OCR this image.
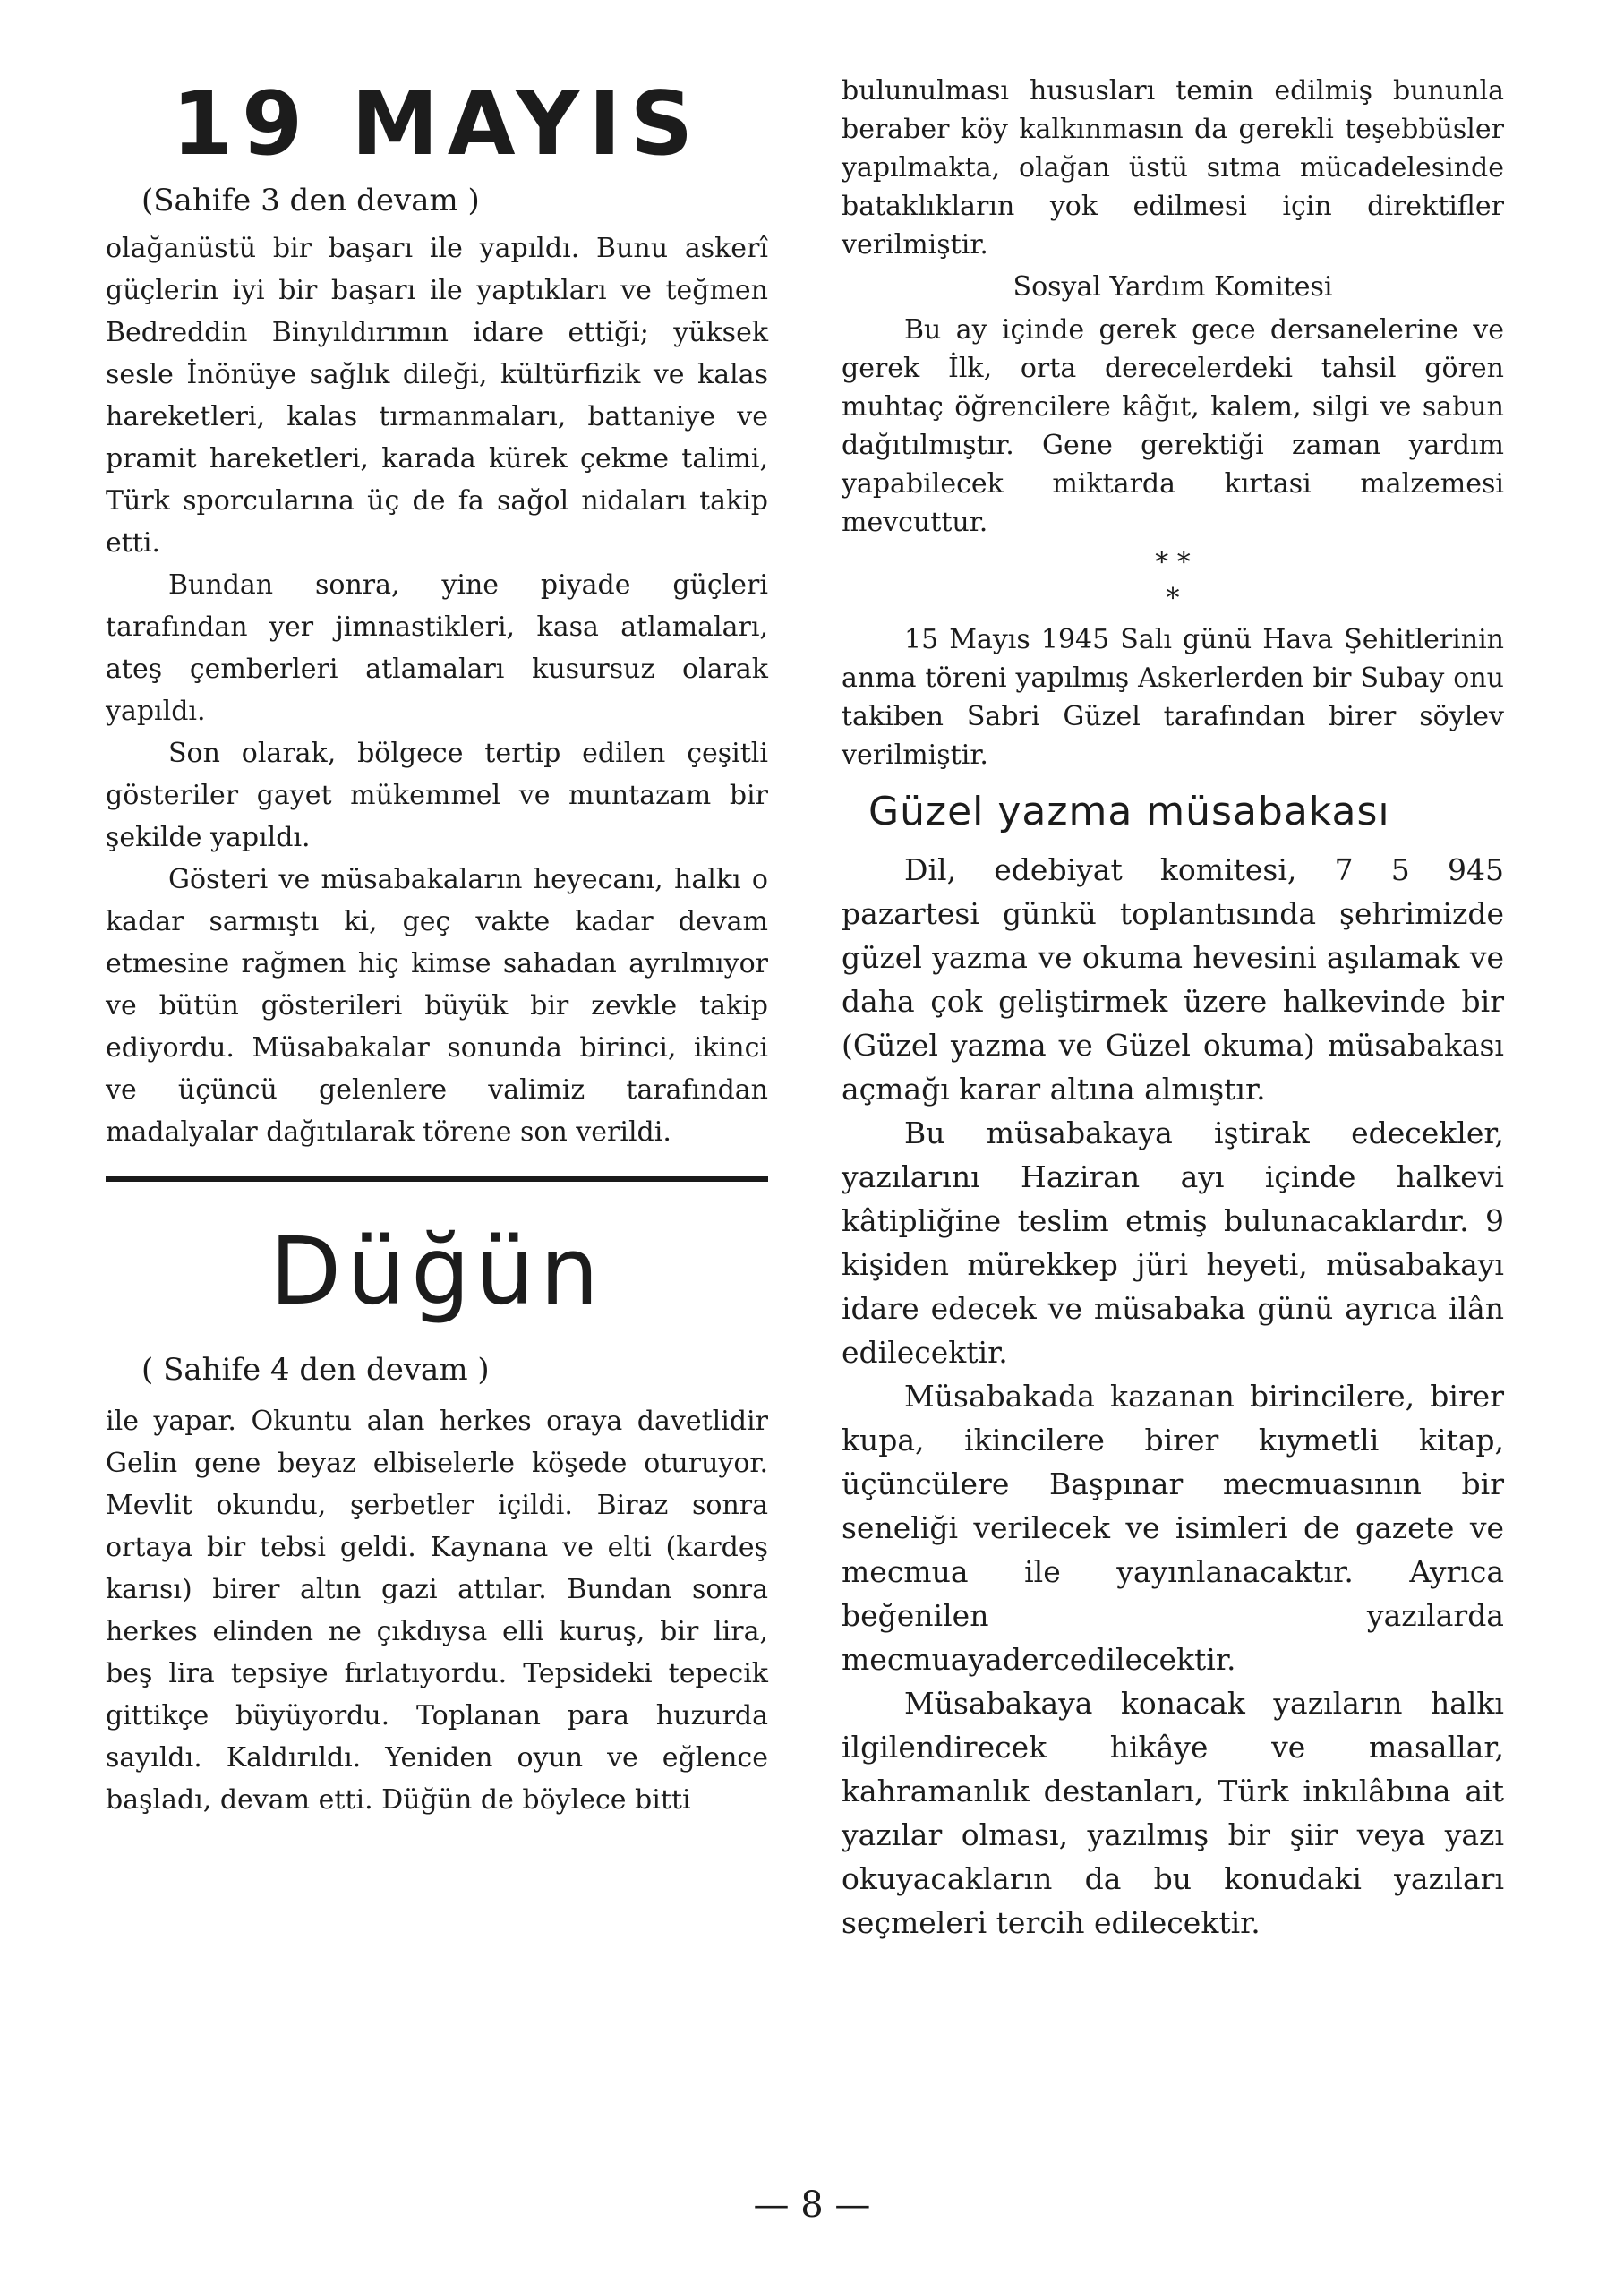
19 MAYIS
(Sahife 3 den devam )

olağanüstü bir başarı ile yapıldı. Bunu askerî güçlerin iyi bir başarı ile yaptıkları ve teğmen Bedreddin Binyıldırımın idare ettiği; yüksek sesle İnönüye sağlık dileği, kültürfizik ve kalas hareketleri, kalas tırmanmaları, battaniye ve pramit hareketleri, karada kürek çekme talimi, Türk sporcularına üç de fa sağol nidaları takip etti.

Bundan sonra, yine piyade güçleri tarafından yer jimnastikleri, kasa atlamaları, ateş çemberleri atlamaları kusursuz olarak yapıldı.

Son olarak, bölgece tertip edilen çeşitli gösteriler gayet mükemmel ve muntazam bir şekilde yapıldı.

Gösteri ve müsabakaların heyecanı, halkı o kadar sarmıştı ki, geç vakte kadar devam etmesine rağmen hiç kimse sahadan ayrılmıyor ve bütün gösterileri büyük bir zevkle takip ediyordu. Müsabakalar sonunda birinci, ikinci ve üçüncü gelenlere valimiz tarafından madalyalar dağıtılarak törene son verildi.

Düğün
( Sahife 4 den devam )

ile yapar. Okuntu alan herkes oraya davetlidir Gelin gene beyaz elbiselerle köşede oturuyor. Mevlit okundu, şerbetler içildi. Biraz sonra ortaya bir tebsi geldi. Kaynana ve elti (kardeş karısı) birer altın gazi attılar. Bundan sonra herkes elinden ne çıkdıysa elli kuruş, bir lira, beş lira tepsiye fırlatıyordu. Tepsideki tepecik gittikçe büyüyordu. Toplanan para huzurda sayıldı. Kaldırıldı. Yeniden oyun ve eğlence başladı, devam etti. Düğün de böylece bitti

bulunulması hususları temin edilmiş bununla beraber köy kalkınmasın da gerekli teşebbüsler yapılmakta, olağan üstü sıtma mücadelesinde bataklıkların yok edilmesi için direktifler verilmiştir.

Sosyal Yardım Komitesi

Bu ay içinde gerek gece dersanelerine ve gerek İlk, orta derecelerdeki tahsil gören muhtaç öğrencilere kâğıt, kalem, silgi ve sabun dağıtılmıştır. Gene gerektiği zaman yardım yapabilecek miktarda kırtasi malzemesi mevcuttur.

* *
*

15 Mayıs 1945 Salı günü Hava Şehitlerinin anma töreni yapılmış Askerlerden bir Subay onu takiben Sabri Güzel tarafından birer söylev verilmiştir.

Güzel yazma müsabakası

Dil, edebiyat komitesi, 7 5 945 pazartesi günkü toplantısında şehrimizde güzel yazma ve okuma hevesini aşılamak ve daha çok geliştirmek üzere halkevinde bir (Güzel yazma ve Güzel okuma) müsabakası açmağı karar altına almıştır.

Bu müsabakaya iştirak edecekler, yazılarını Haziran ayı içinde halkevi kâtipliğine teslim etmiş bulunacaklardır. 9 kişiden mürekkep jüri heyeti, müsabakayı idare edecek ve müsabaka günü ayrıca ilân edilecektir.

Müsabakada kazanan birincilere, birer kupa, ikincilere birer kıymetli kitap, üçüncülere Başpınar mecmuasının bir seneliği verilecek ve isimleri de gazete ve mecmua ile yayınlanacaktır. Ayrıca beğenilen yazılarda mecmuayadercedilecektir.

Müsabakaya konacak yazıların halkı ilgilendirecek hikâye ve masallar, kahramanlık destanları, Türk inkılâbına ait yazılar olması, yazılmış bir şiir veya yazı okuyacakların da bu konudaki yazıları seçmeleri tercih edilecektir.

— 8 —
